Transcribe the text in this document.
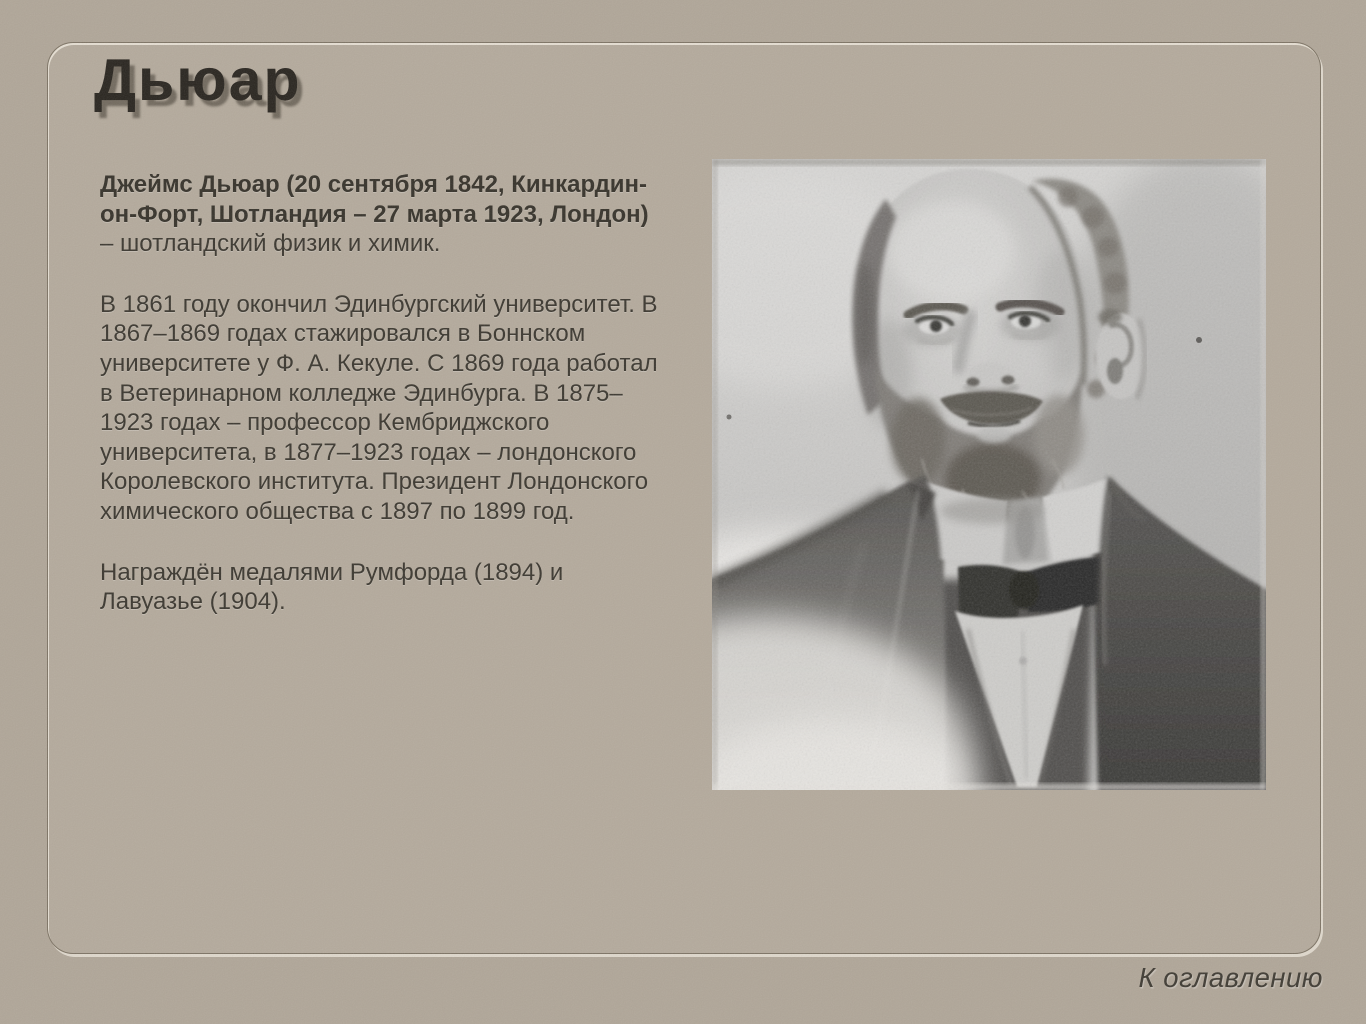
Дьюар

Джеймс Дьюар (20 сентября 1842, Кинкардин-он-Форт, Шотландия – 27 марта 1923, Лондон) – шотландский физик и химик.

В 1861 году окончил Эдинбургский университет. В 1867–1869 годах стажировался в Боннском университете у Ф. А. Кекуле. С 1869 года работал в Ветеринарном колледже Эдинбурга. В 1875–1923 годах – профессор Кембриджского университета, в 1877–1923 годах – лондонского Королевского института. Президент Лондонского химического общества с 1897 по 1899 год.

Награждён медалями Румфорда (1894) и Лавуазье (1904).

К оглавлению
